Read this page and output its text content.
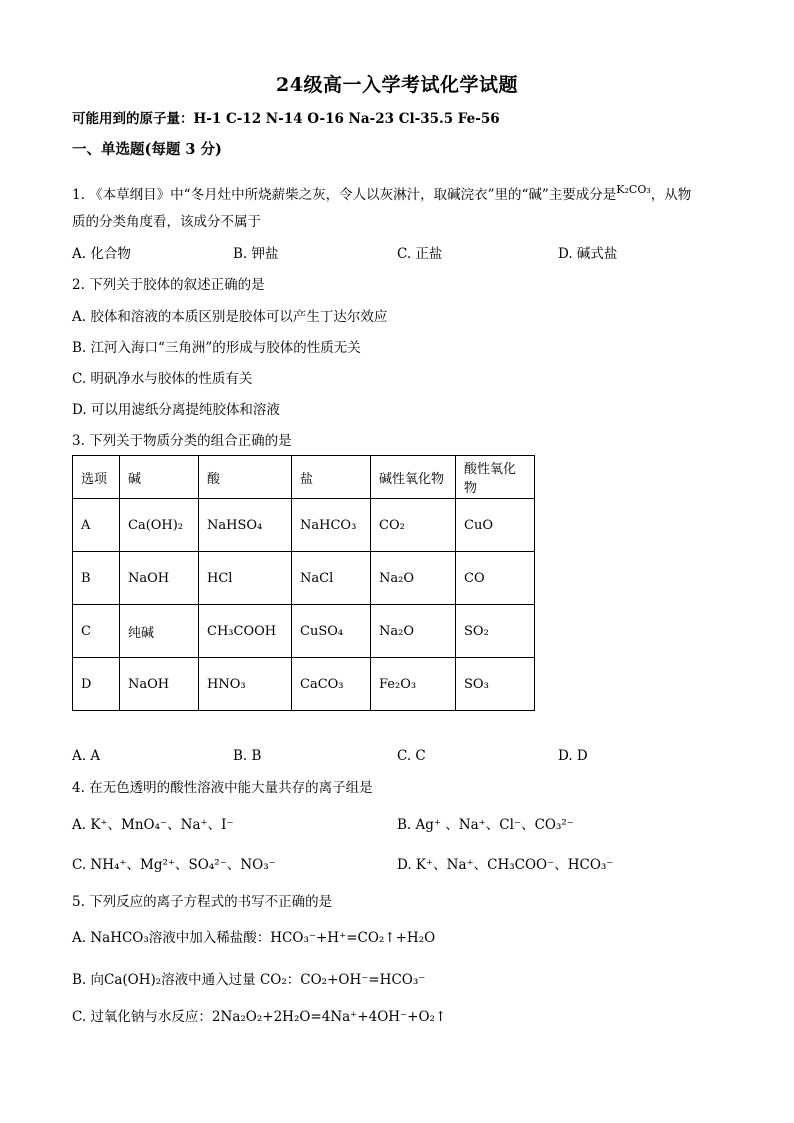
24级高一入学考试化学试题
可能用到的原子量：H-1 C-12 N-14 O-16 Na-23 Cl-35.5 Fe-56
一、单选题(每题 3 分)
1. 《本草纲目》中“冬月灶中所烧薪柴之灰，令人以灰淋汁，取碱浣衣”里的“碱”主要成分是$^{K_2CO_3}$，从物
质的分类角度看，该成分不属于
A. 化合物	B. 钾盐	C. 正盐	D. 碱式盐
2. 下列关于胶体的叙述正确的是
A. 胶体和溶液的本质区别是胶体可以产生丁达尔效应
B. 江河入海口“三角洲”的形成与胶体的性质无关
C. 明矾净水与胶体的性质有关
D. 可以用滤纸分离提纯胶体和溶液
3. 下列关于物质分类的组合正确的是
选项	碱	酸	盐	碱性氧化物	酸性氧化物
A	Ca(OH)₂	NaHSO₄	NaHCO₃	CO₂	CuO
B	NaOH	HCl	NaCl	Na₂O	CO
C	纯碱	CH₃COOH	CuSO₄	Na₂O	SO₂
D	NaOH	HNO₃	CaCO₃	Fe₂O₃	SO₃
A. A	B. B	C. C	D. D
4. 在无色透明的酸性溶液中能大量共存的离子组是
A. K⁺、MnO₄⁻、Na⁺、I⁻	B. Ag⁺ 、Na⁺、Cl⁻、CO₃²⁻
C. NH₄⁺、Mg²⁺、SO₄²⁻、NO₃⁻	D. K⁺、Na⁺、CH₃COO⁻、HCO₃⁻
5. 下列反应的离子方程式的书写不正确的是
A. NaHCO₃溶液中加入稀盐酸：HCO₃⁻+H⁺=CO₂↑+H₂O
B. 向Ca(OH)₂溶液中通入过量 CO₂：CO₂+OH⁻=HCO₃⁻
C. 过氧化钠与水反应：2Na₂O₂+2H₂O=4Na⁺+4OH⁻+O₂↑
